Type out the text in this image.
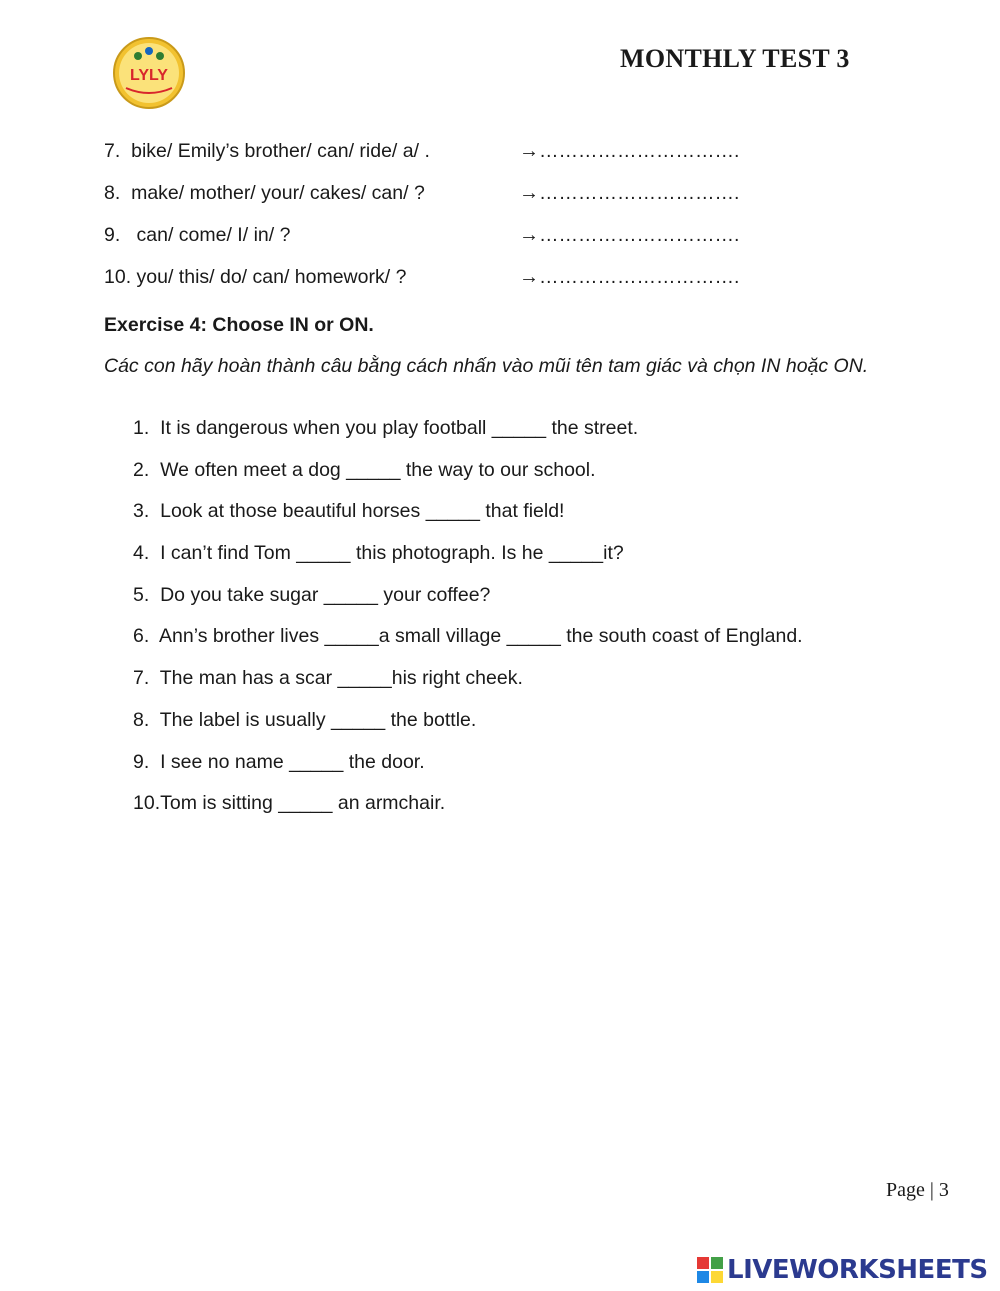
LYLY
MONTHLY TEST 3
7.  bike/ Emily’s brother/ can/ ride/ a/ .	→………………………….
8.  make/ mother/ your/ cakes/ can/ ?	→………………………….
9.   can/ come/ I/ in/ ?	→………………………….
10. you/ this/ do/ can/ homework/ ?	→………………………….
Exercise 4: Choose IN or ON.
Các con hãy hoàn thành câu bằng cách nhấn vào mũi tên tam giác và chọn IN hoặc ON.
1.  It is dangerous when you play football _____ the street.
2.  We often meet a dog _____ the way to our school.
3.  Look at those beautiful horses _____ that field!
4.  I can’t find Tom _____ this photograph. Is he _____it?
5.  Do you take sugar _____ your coffee?
6.  Ann’s brother lives _____a small village _____ the south coast of England.
7.  The man has a scar _____his right cheek.
8.  The label is usually _____ the bottle.
9.  I see no name _____ the door.
10.Tom is sitting _____ an armchair.
Page | 3
LIVEWORKSHEETS
